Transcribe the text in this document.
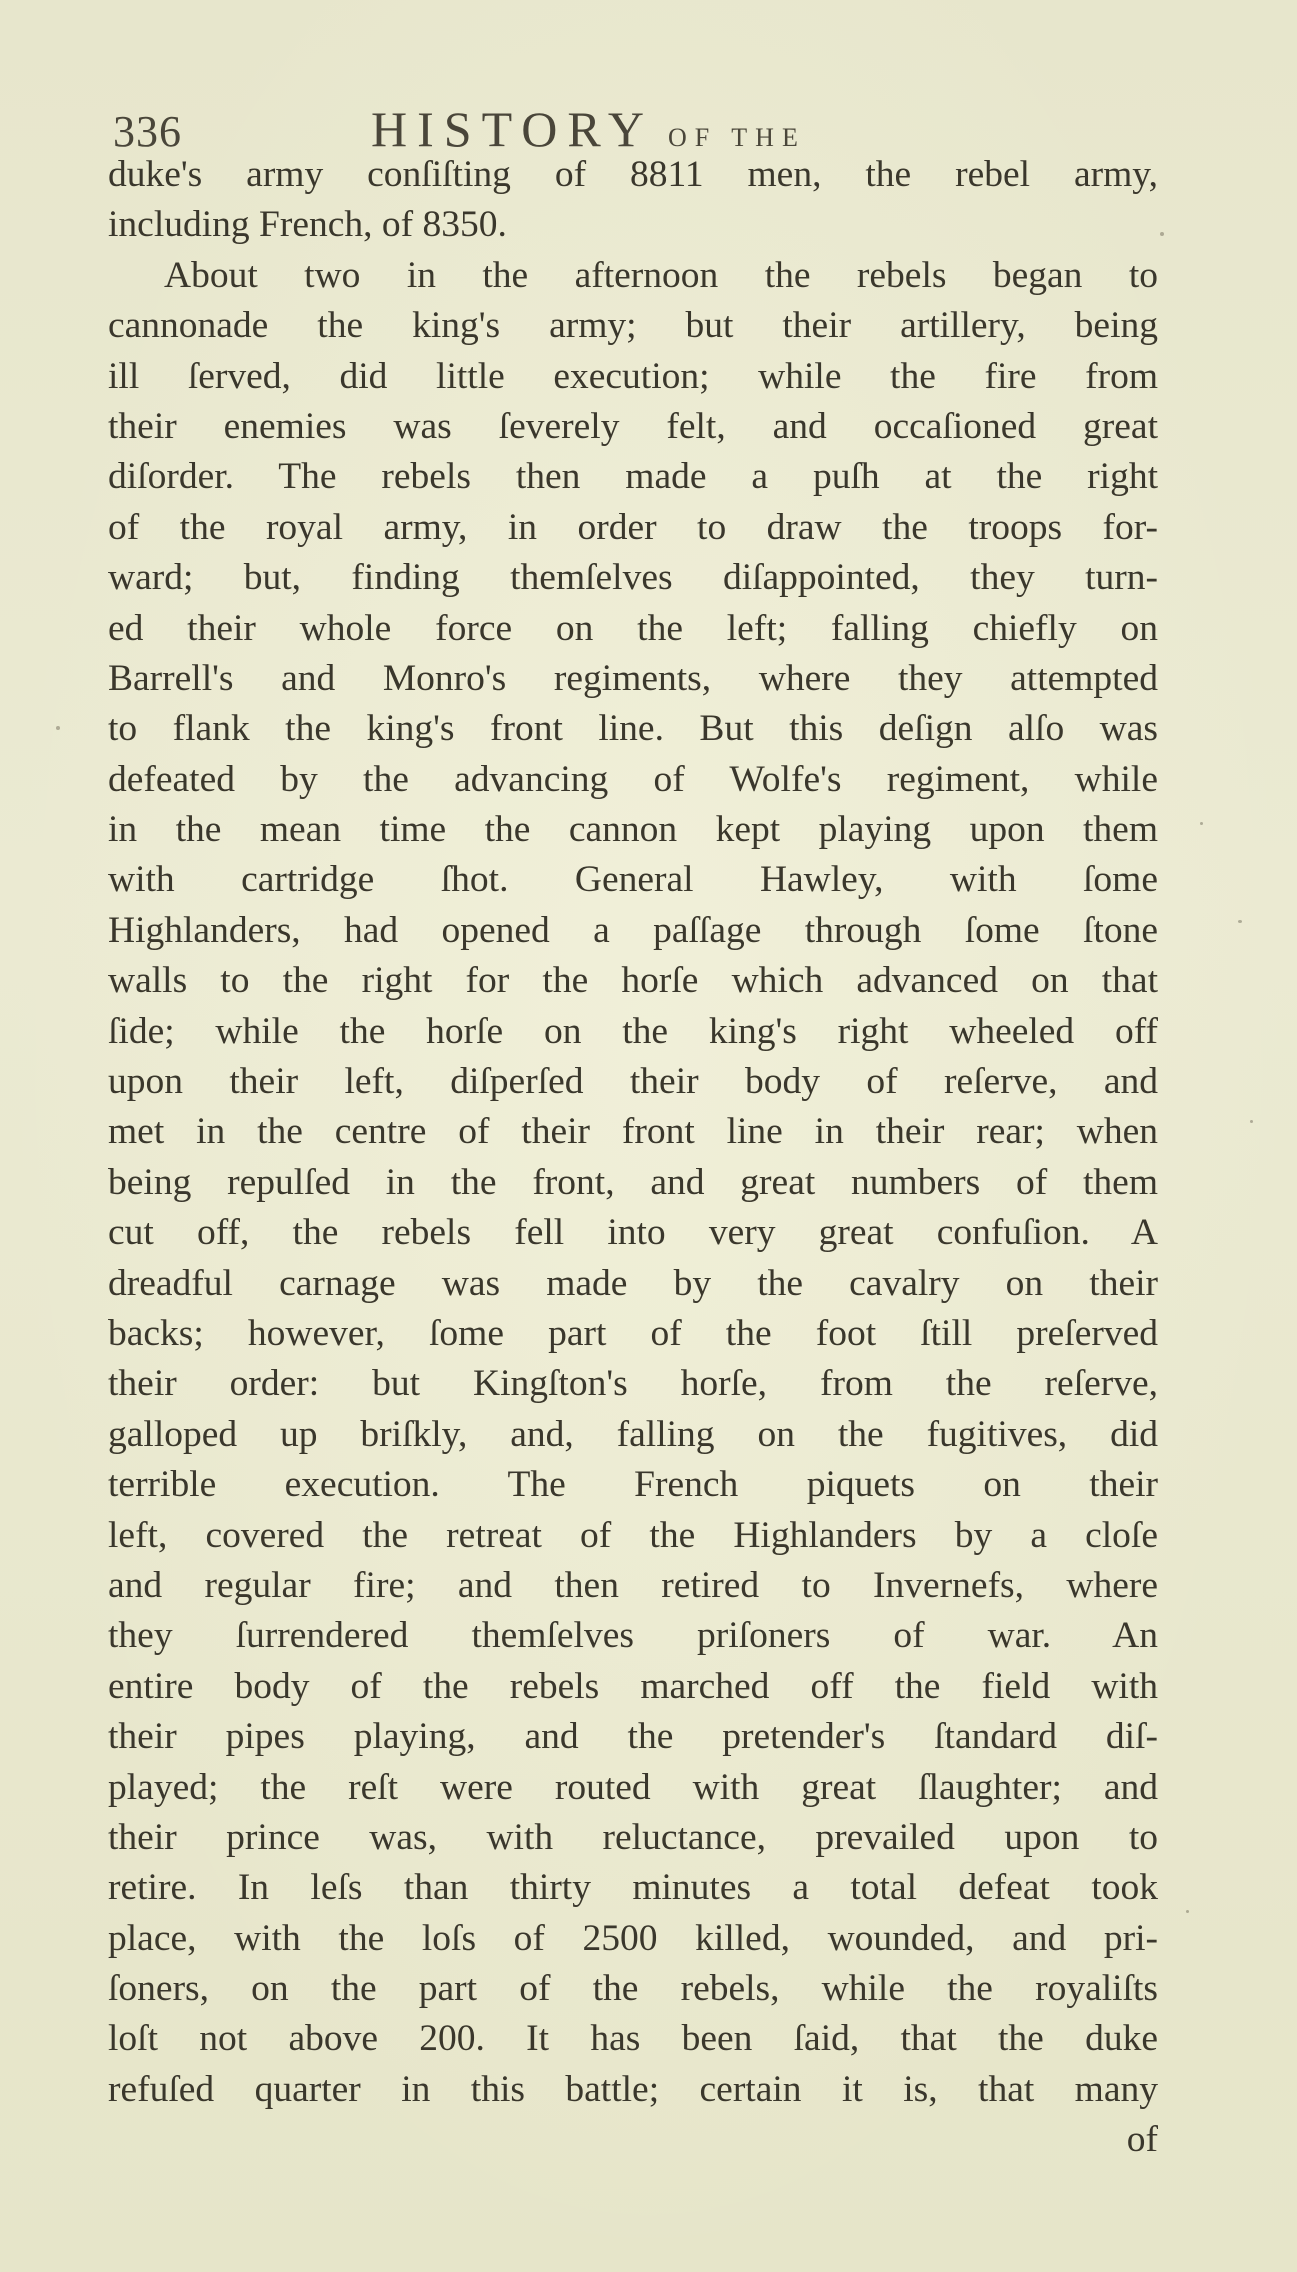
336	HISTORY OF THE
duke's army conſiſting of 8811 men, the rebel army,
including French, of 8350.
About two in the afternoon the rebels began to
cannonade the king's army; but their artillery, being
ill ſerved, did little execution; while the fire from
their enemies was ſeverely felt, and occaſioned great
diſorder. The rebels then made a puſh at the right
of the royal army, in order to draw the troops for-
ward; but, finding themſelves diſappointed, they turn-
ed their whole force on the left; falling chiefly on
Barrell's and Monro's regiments, where they attempted
to flank the king's front line. But this deſign alſo was
defeated by the advancing of Wolfe's regiment, while
in the mean time the cannon kept playing upon them
with cartridge ſhot. General Hawley, with ſome
Highlanders, had opened a paſſage through ſome ſtone
walls to the right for the horſe which advanced on that
ſide; while the horſe on the king's right wheeled off
upon their left, diſperſed their body of reſerve, and
met in the centre of their front line in their rear; when
being repulſed in the front, and great numbers of them
cut off, the rebels fell into very great confuſion. A
dreadful carnage was made by the cavalry on their
backs; however, ſome part of the foot ſtill preſerved
their order: but Kingſton's horſe, from the reſerve,
galloped up briſkly, and, falling on the fugitives, did
terrible execution. The French piquets on their
left, covered the retreat of the Highlanders by a cloſe
and regular fire; and then retired to Invernefs, where
they ſurrendered themſelves priſoners of war. An
entire body of the rebels marched off the field with
their pipes playing, and the pretender's ſtandard diſ-
played; the reſt were routed with great ſlaughter; and
their prince was, with reluctance, prevailed upon to
retire. In leſs than thirty minutes a total defeat took
place, with the loſs of 2500 killed, wounded, and pri-
ſoners, on the part of the rebels, while the royaliſts
loſt not above 200. It has been ſaid, that the duke
refuſed quarter in this battle; certain it is, that many
of
